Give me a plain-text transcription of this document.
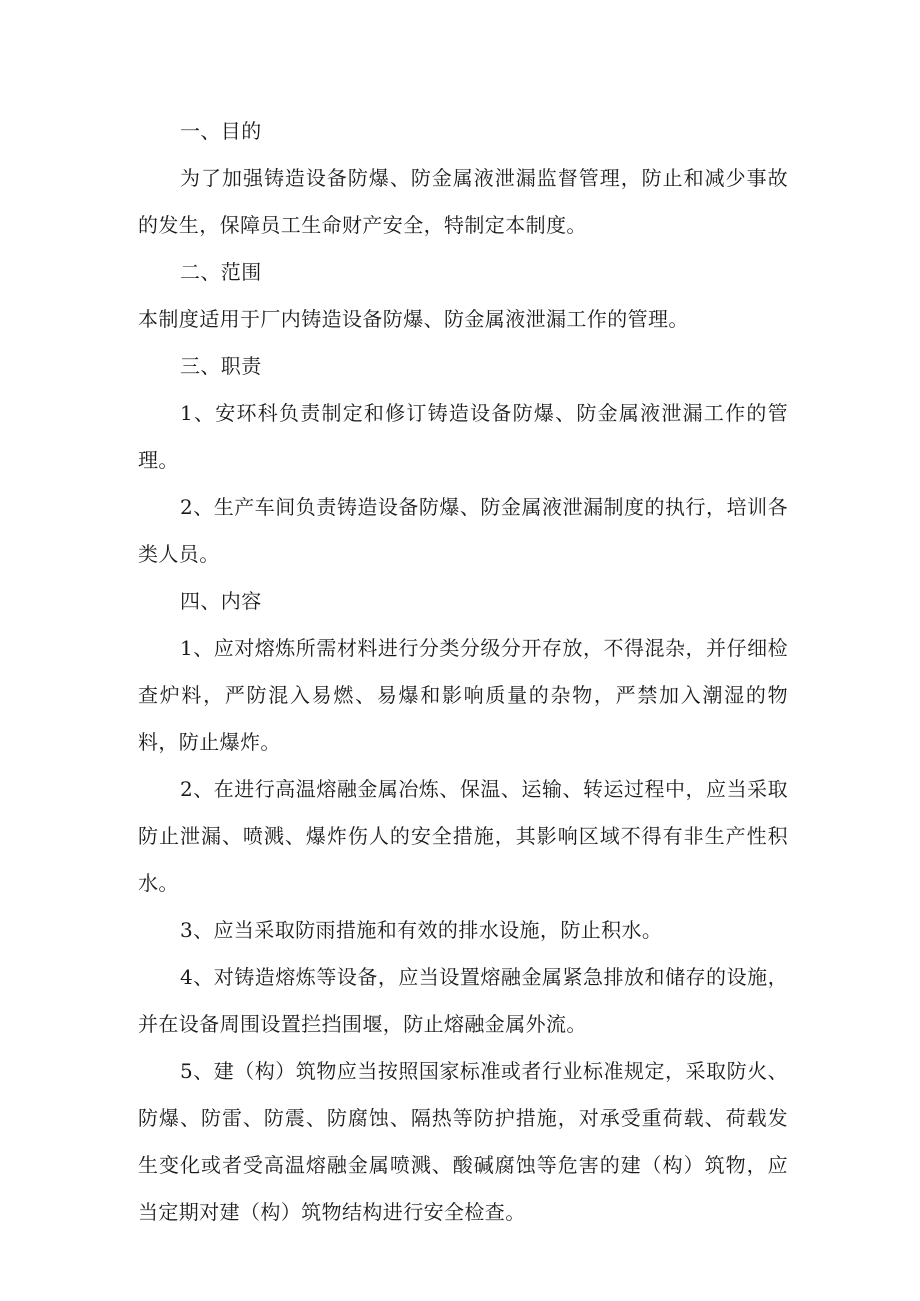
一、目的

为了加强铸造设备防爆、防金属液泄漏监督管理，防止和减少事故的发生，保障员工生命财产安全，特制定本制度。

二、范围

本制度适用于厂内铸造设备防爆、防金属液泄漏工作的管理。

三、职责

1、安环科负责制定和修订铸造设备防爆、防金属液泄漏工作的管理。

2、生产车间负责铸造设备防爆、防金属液泄漏制度的执行，培训各类人员。

四、内容

1、应对熔炼所需材料进行分类分级分开存放，不得混杂，并仔细检查炉料，严防混入易燃、易爆和影响质量的杂物，严禁加入潮湿的物料，防止爆炸。

2、在进行高温熔融金属冶炼、保温、运输、转运过程中，应当采取防止泄漏、喷溅、爆炸伤人的安全措施，其影响区域不得有非生产性积水。

3、应当采取防雨措施和有效的排水设施，防止积水。

4、对铸造熔炼等设备，应当设置熔融金属紧急排放和储存的设施，并在设备周围设置拦挡围堰，防止熔融金属外流。

5、建（构）筑物应当按照国家标准或者行业标准规定，采取防火、防爆、防雷、防震、防腐蚀、隔热等防护措施，对承受重荷载、荷载发生变化或者受高温熔融金属喷溅、酸碱腐蚀等危害的建（构）筑物，应当定期对建（构）筑物结构进行安全检查。
